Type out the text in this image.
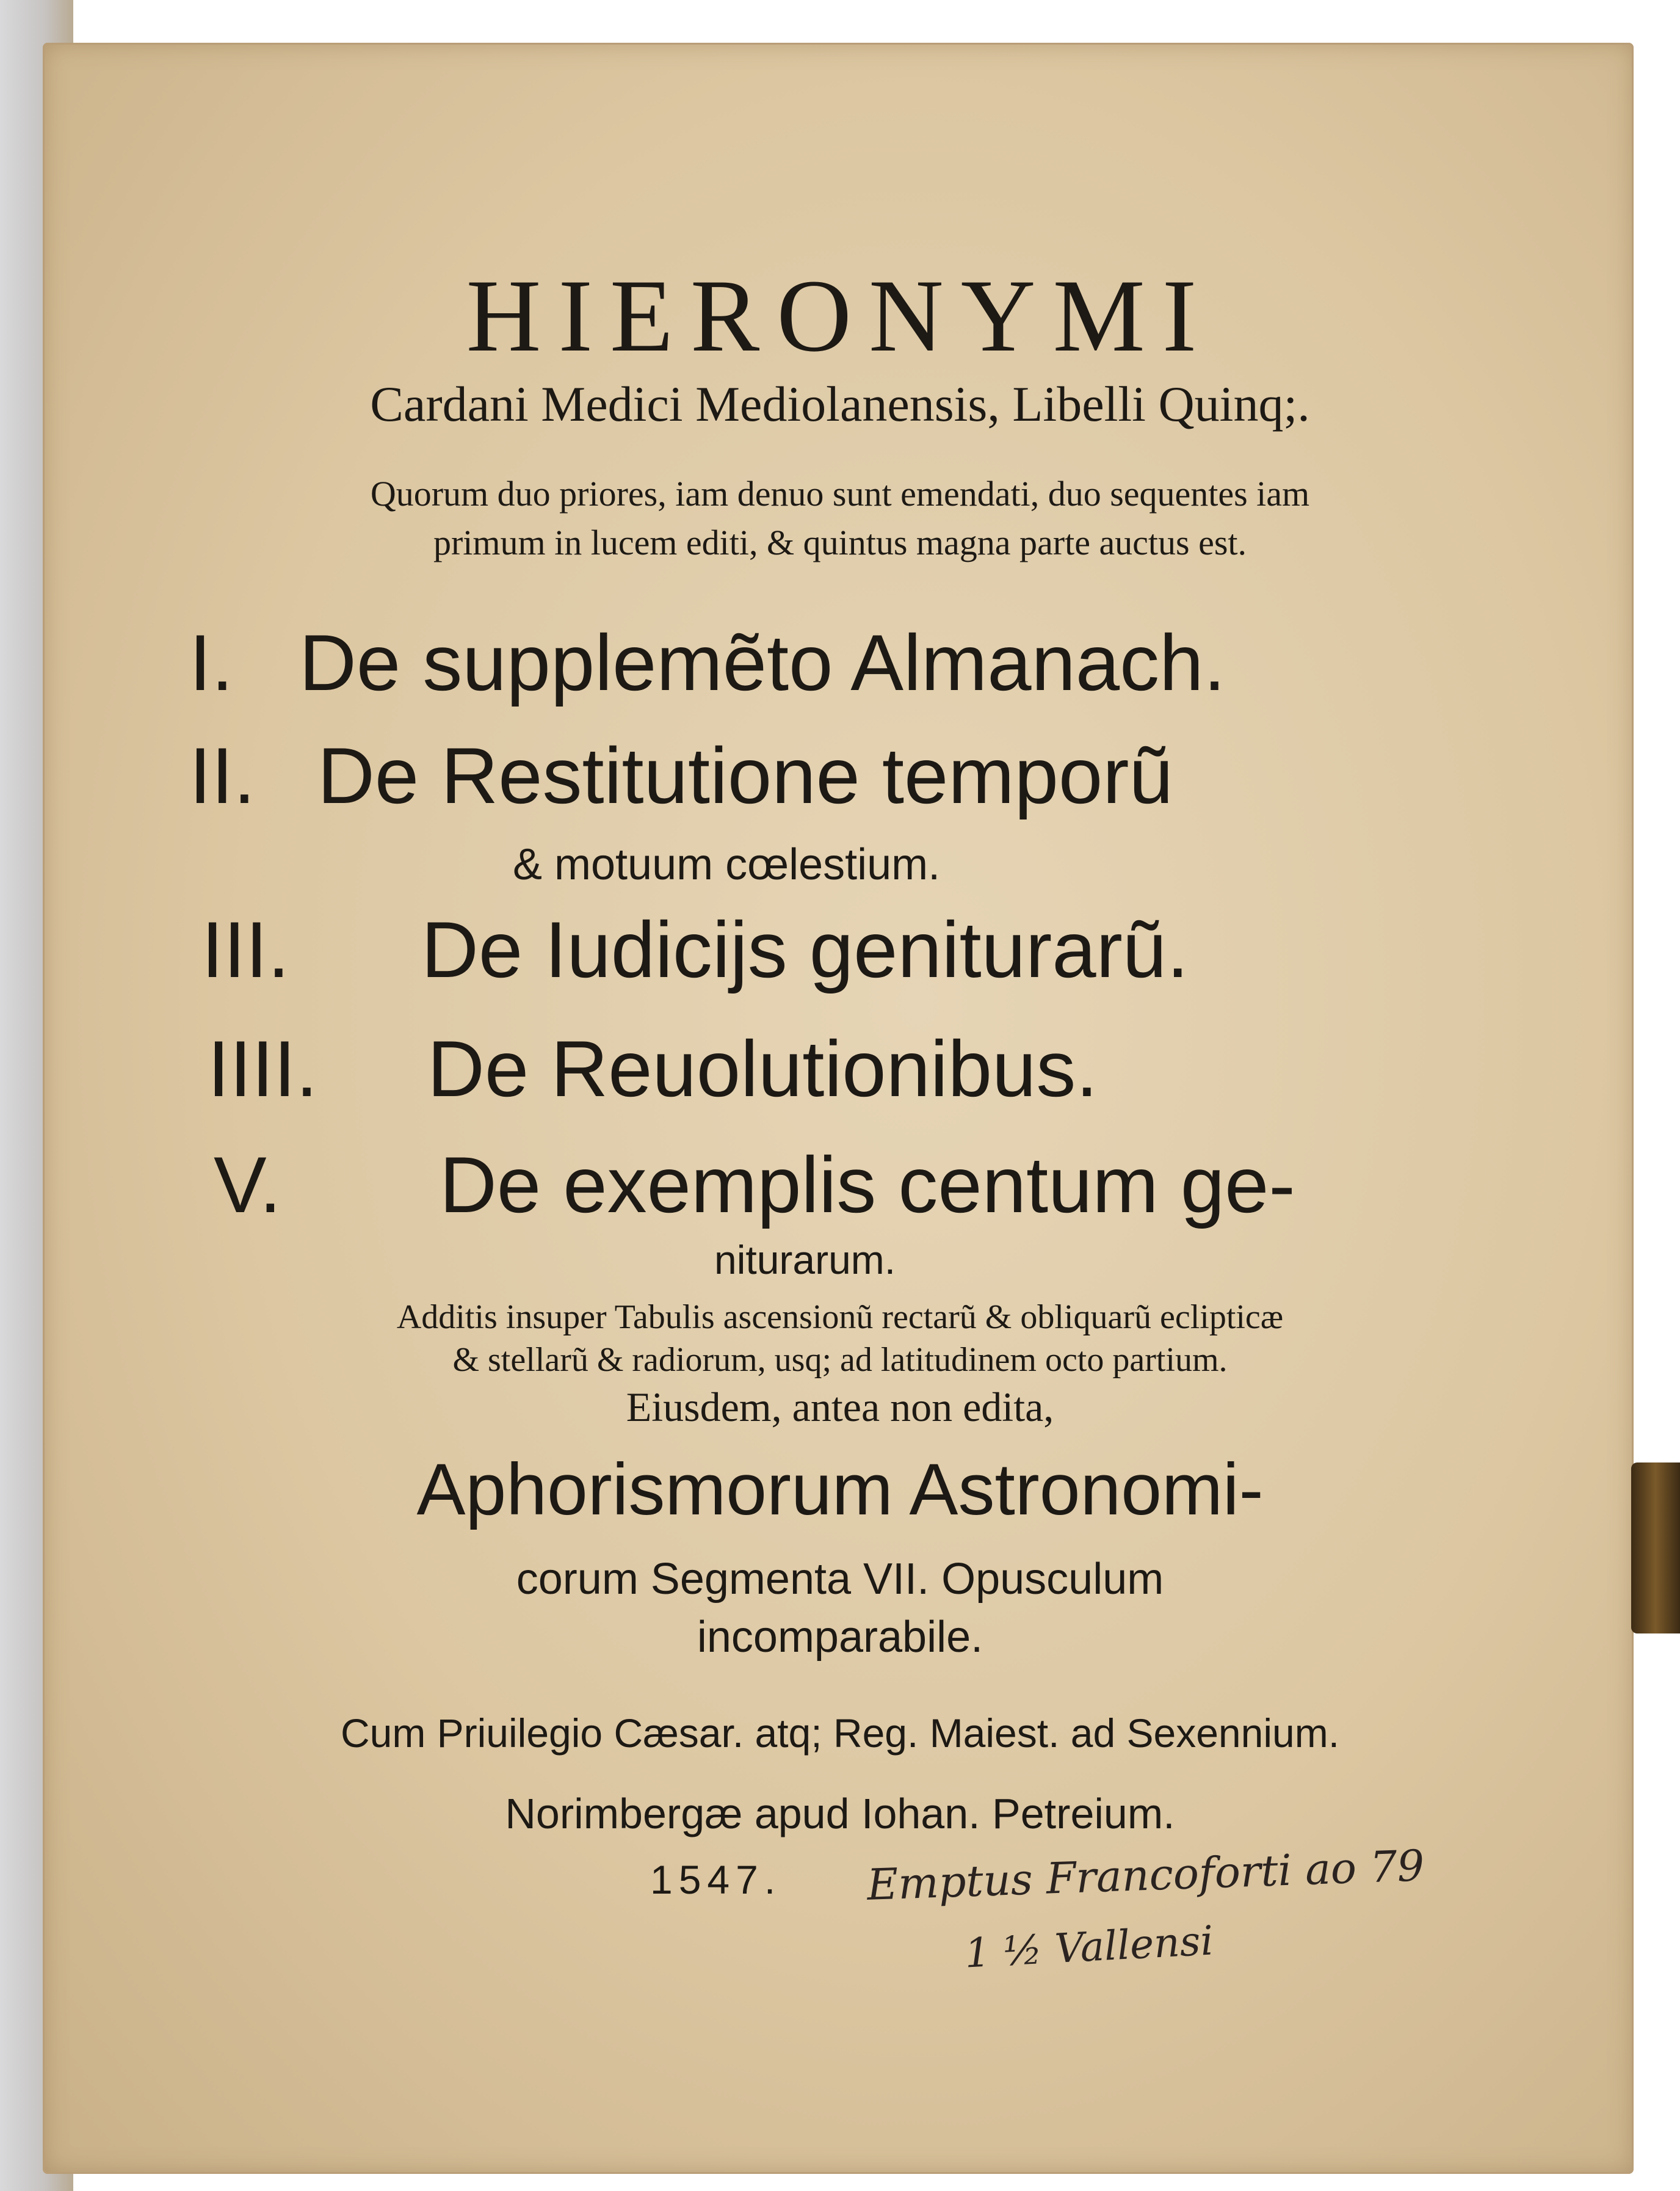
HIERONYMI
Cardani Medici Mediolanensis, Libelli Quinq;.
Quorum duo priores, iam denuo sunt emendati, duo sequentes iam
primum in lucem editi, & quintus magna parte auctus est.
I. De supplemẽto Almanach.
II. De Restitutione temporũ
& motuum cœlestium.
III. De Iudicijs geniturarũ.
IIII. De Reuolutionibus.
V. De exemplis centum ge-
niturarum.
Additis insuper Tabulis ascensionũ rectarũ & obliquarũ eclipticæ
& stellarũ & radiorum, usq; ad latitudinem octo partium.
Eiusdem, antea non edita,
Aphorismorum Astronomi-
corum Segmenta VII. Opusculum
incomparabile.
Cum Priuilegio Cæsar. atq; Reg. Maiest. ad Sexennium.
Norimbergæ apud Iohan. Petreium.
1547. Emptus Francoforti ao 79
1 ½ Vallensi
